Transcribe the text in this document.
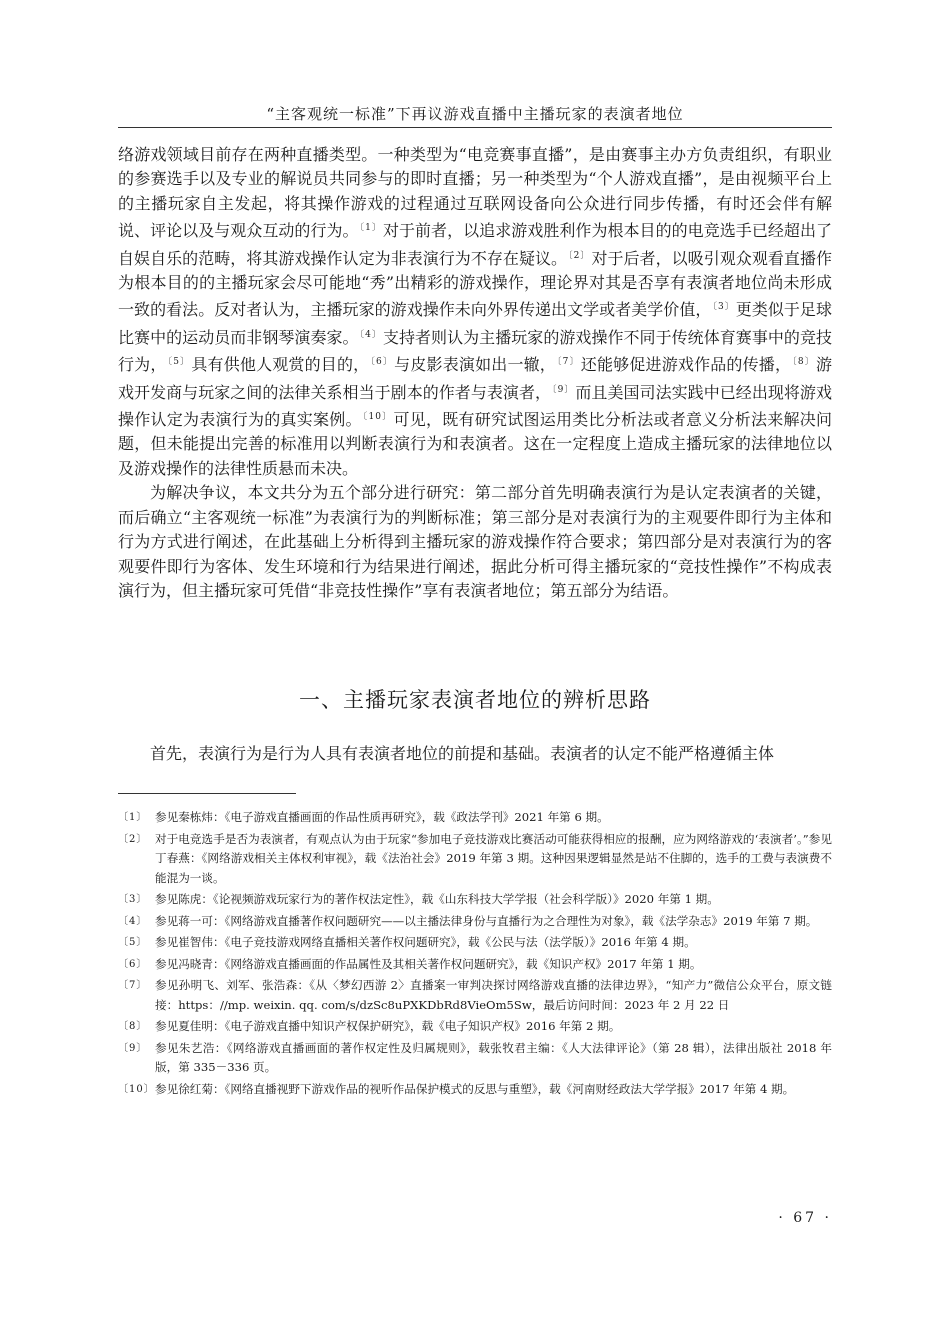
“主客观统一标准”下再议游戏直播中主播玩家的表演者地位

络游戏领域目前存在两种直播类型。一种类型为“电竞赛事直播”，是由赛事主办方负责组织，有职业的参赛选手以及专业的解说员共同参与的即时直播；另一种类型为“个人游戏直播”，是由视频平台上的主播玩家自主发起，将其操作游戏的过程通过互联网设备向公众进行同步传播，有时还会伴有解说、评论以及与观众互动的行为。$^{〔1〕}$对于前者，以追求游戏胜利作为根本目的的电竞选手已经超出了自娱自乐的范畴，将其游戏操作认定为非表演行为不存在疑议。$^{〔2〕}$对于后者，以吸引观众观看直播作为根本目的的主播玩家会尽可能地“秀”出精彩的游戏操作，理论界对其是否享有表演者地位尚未形成一致的看法。反对者认为，主播玩家的游戏操作未向外界传递出文学或者美学价值，$^{〔3〕}$更类似于足球比赛中的运动员而非钢琴演奏家。$^{〔4〕}$支持者则认为主播玩家的游戏操作不同于传统体育赛事中的竞技行为，$^{〔5〕}$具有供他人观赏的目的，$^{〔6〕}$与皮影表演如出一辙，$^{〔7〕}$还能够促进游戏作品的传播，$^{〔8〕}$游戏开发商与玩家之间的法律关系相当于剧本的作者与表演者，$^{〔9〕}$而且美国司法实践中已经出现将游戏操作认定为表演行为的真实案例。$^{〔10〕}$可见，既有研究试图运用类比分析法或者意义分析法来解决问题，但未能提出完善的标准用以判断表演行为和表演者。这在一定程度上造成主播玩家的法律地位以及游戏操作的法律性质悬而未决。

为解决争议，本文共分为五个部分进行研究：第二部分首先明确表演行为是认定表演者的关键，而后确立“主客观统一标准”为表演行为的判断标准；第三部分是对表演行为的主观要件即行为主体和行为方式进行阐述，在此基础上分析得到主播玩家的游戏操作符合要求；第四部分是对表演行为的客观要件即行为客体、发生环境和行为结果进行阐述，据此分析可得主播玩家的“竞技性操作”不构成表演行为，但主播玩家可凭借“非竞技性操作”享有表演者地位；第五部分为结语。

一、主播玩家表演者地位的辨析思路
首先，表演行为是行为人具有表演者地位的前提和基础。表演者的认定不能严格遵循主体
〔1〕 参见秦栋炜：《电子游戏直播画面的作品性质再研究》，载《政法学刊》2021 年第 6 期。
〔2〕 对于电竞选手是否为表演者，有观点认为由于玩家“参加电子竞技游戏比赛活动可能获得相应的报酬，应为网络游戏的‘表演者’。”参见丁春燕：《网络游戏相关主体权利审视》，载《法治社会》2019 年第 3 期。这种因果逻辑显然是站不住脚的，选手的工费与表演费不能混为一谈。
〔3〕 参见陈虎：《论视频游戏玩家行为的著作权法定性》，载《山东科技大学学报（社会科学版）》2020 年第 1 期。
〔4〕 参见蒋一可：《网络游戏直播著作权问题研究——以主播法律身份与直播行为之合理性为对象》，载《法学杂志》2019 年第 7 期。
〔5〕 参见崔智伟：《电子竞技游戏网络直播相关著作权问题研究》，载《公民与法（法学版）》2016 年第 4 期。
〔6〕 参见冯晓青：《网络游戏直播画面的作品属性及其相关著作权问题研究》，载《知识产权》2017 年第 1 期。
〔7〕 参见孙明飞、刘军、张浩森：《从〈梦幻西游 2〉直播案一审判决探讨网络游戏直播的法律边界》，“知产力”微信公众平台，原文链接：https：//mp. weixin. qq. com/s/dzSc8uPXKDbRd8VieOm5Sw，最后访问时间：2023 年 2 月 22 日
〔8〕 参见夏佳明：《电子游戏直播中知识产权保护研究》，载《电子知识产权》2016 年第 2 期。
〔9〕 参见朱艺浩：《网络游戏直播画面的著作权定性及归属规则》，载张牧君主编：《人大法律评论》（第 28 辑），法律出版社 2018 年版，第 335－336 页。
〔10〕 参见徐红菊：《网络直播视野下游戏作品的视听作品保护模式的反思与重塑》，载《河南财经政法大学学报》2017 年第 4 期。
· 67 ·
